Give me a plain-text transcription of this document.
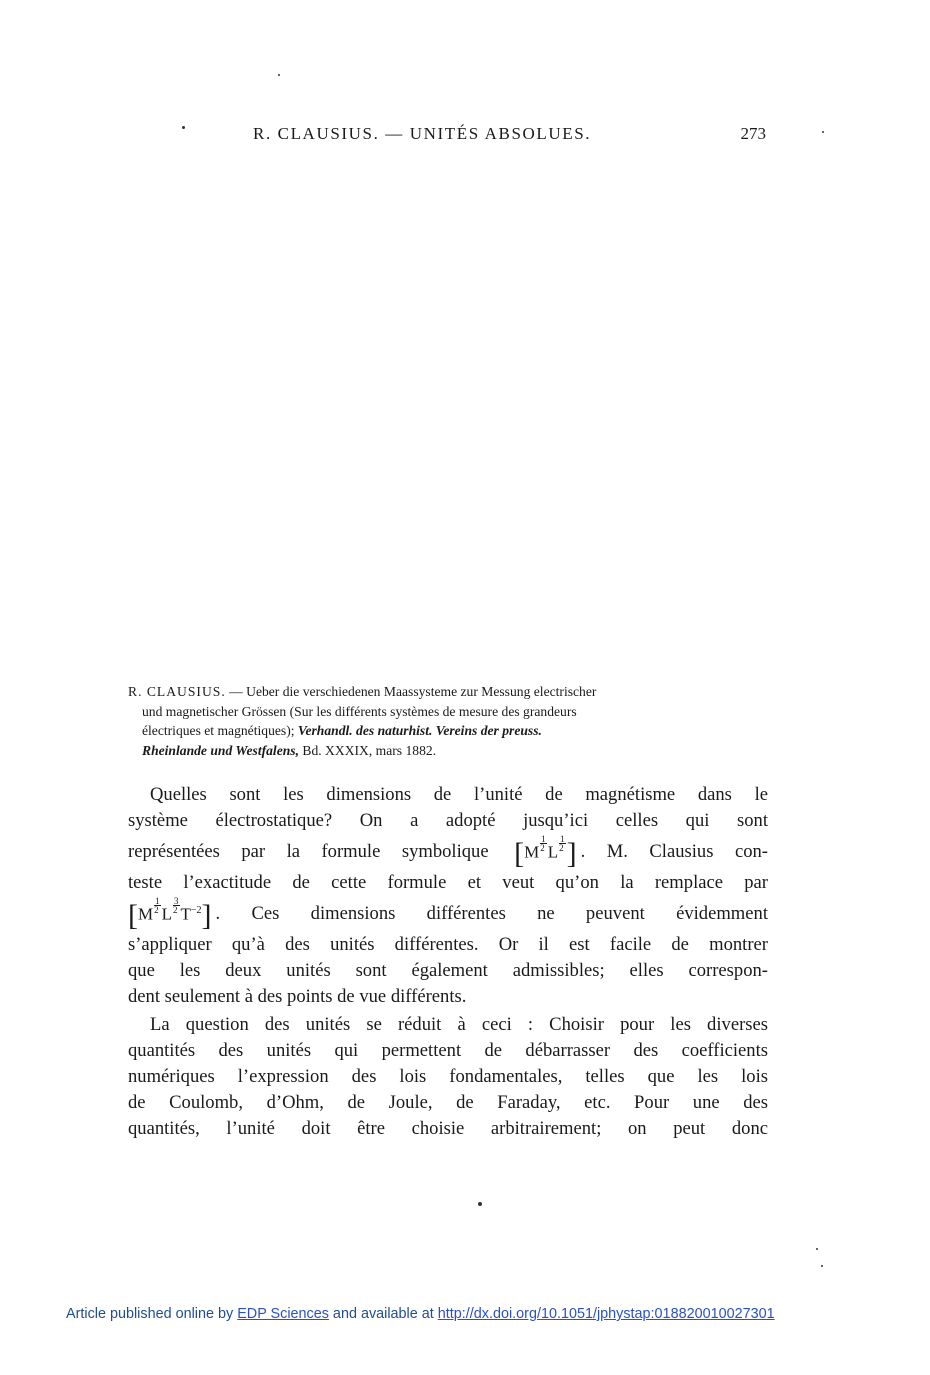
R. CLAUSIUS. — UNITÉS ABSOLUES.	273
R. CLAUSIUS. — Ueber die verschiedenen Maassysteme zur Messung electrischer
und magnetischer Grössen (Sur les différents systèmes de mesure des grandeurs
électriques et magnétiques); Verhandl. des naturhist. Vereins der preuss.
Rheinlande und Westfalens, Bd. XXXIX, mars 1882.
Quelles sont les dimensions de l’unité de magnétisme dans le
système électrostatique? On a adopté jusqu’ici celles qui sont
représentées par la formule symbolique [$M \frac{1}{2}$ L $\frac{1}{2}$ ] . M. Clausius con-
teste l’exactitude de cette formule et veut qu’on la remplace par
[$M \frac{1}{2}$ L $\frac{3}{2} T^{-2}$] . Ces dimensions différentes ne peuvent évidemment
s’appliquer qu’à des unités différentes. Or il est facile de montrer
que les deux unités sont également admissibles; elles correspon-
dent seulement à des points de vue différents.
La question des unités se réduit à ceci : Choisir pour les diverses
quantités des unités qui permettent de débarrasser des coefficients
numériques l’expression des lois fondamentales, telles que les lois
de Coulomb, d’Ohm, de Joule, de Faraday, etc. Pour une des
quantités, l’unité doit être choisie arbitrairement; on peut donc
Article published online by EDP Sciences and available at http://dx.doi.org/10.1051/jphystap:018820010027301
